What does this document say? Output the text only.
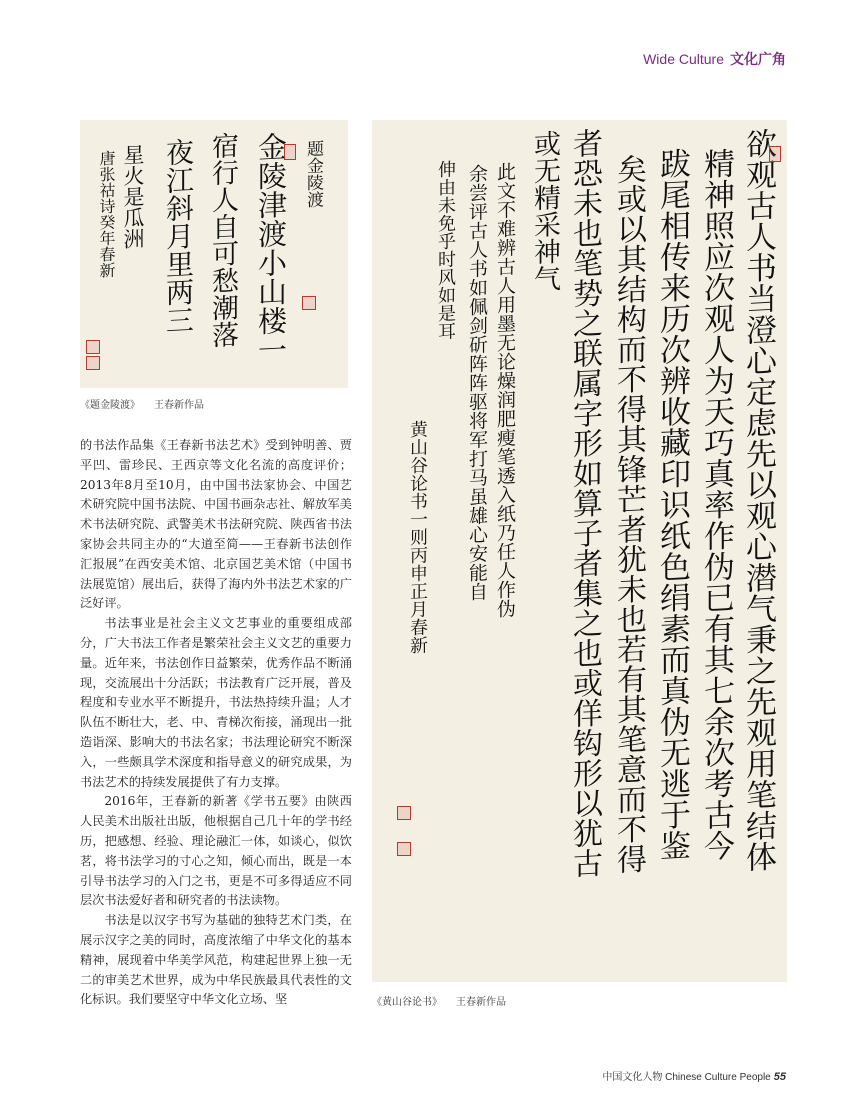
Wide Culture 文化广角
题金陵渡
金陵津渡小山楼一
宿行人自可愁潮落
夜江斜月里两三
星火是瓜洲
唐张祜诗癸年春新
《题金陵渡》 王春新作品	欲观古人书当澄心定虑先以观心潜气秉之先观用笔结体
精神照应次观人为天巧真率作伪已有其七余次考古今
跋尾相传来历次辨收藏印识纸色绢素而真伪无逃于鉴
矣或以其结构而不得其锋芒者犹未也若有其笔意而不得
者恐未也笔势之联属字形如算子者集之也或佯钩形以犹古
或无精采神气
此文不难辨古人用墨无论燥润肥瘦笔透入纸乃任人作伪
余尝评古人书如佩剑斫阵阵驱将军打马虽雄心安能自
伸由未免乎时风如是耳
黄山谷论书一则丙申正月春新
《黄山谷论书》 王春新作品

的书法作品集《王春新书法艺术》受到钟明善、贾平凹、雷珍民、王西京等文化名流的高度评价；2013年8月至10月，由中国书法家协会、中国艺术研究院中国书法院、中国书画杂志社、解放军美术书法研究院、武警美术书法研究院、陕西省书法家协会共同主办的“大道至简——王春新书法创作汇报展”在西安美术馆、北京国艺美术馆（中国书法展览馆）展出后，获得了海内外书法艺术家的广泛好评。

书法事业是社会主义文艺事业的重要组成部分，广大书法工作者是繁荣社会主义文艺的重要力量。近年来，书法创作日益繁荣，优秀作品不断涌现，交流展出十分活跃；书法教育广泛开展，普及程度和专业水平不断提升，书法热持续升温；人才队伍不断壮大，老、中、青梯次衔接，涌现出一批造诣深、影响大的书法名家；书法理论研究不断深入，一些颇具学术深度和指导意义的研究成果，为书法艺术的持续发展提供了有力支撑。

2016年，王春新的新著《学书五要》由陕西人民美术出版社出版，他根据自己几十年的学书经历，把感想、经验、理论融汇一体，如谈心，似饮茗，将书法学习的寸心之知，倾心而出，既是一本引导书法学习的入门之书，更是不可多得适应不同层次书法爱好者和研究者的书法读物。

书法是以汉字书写为基础的独特艺术门类，在展示汉字之美的同时，高度浓缩了中华文化的基本精神，展现着中华美学风范，构建起世界上独一无二的审美艺术世界，成为中华民族最具代表性的文化标识。我们要坚守中华文化立场、坚

中国文化人物 Chinese Culture People 55
